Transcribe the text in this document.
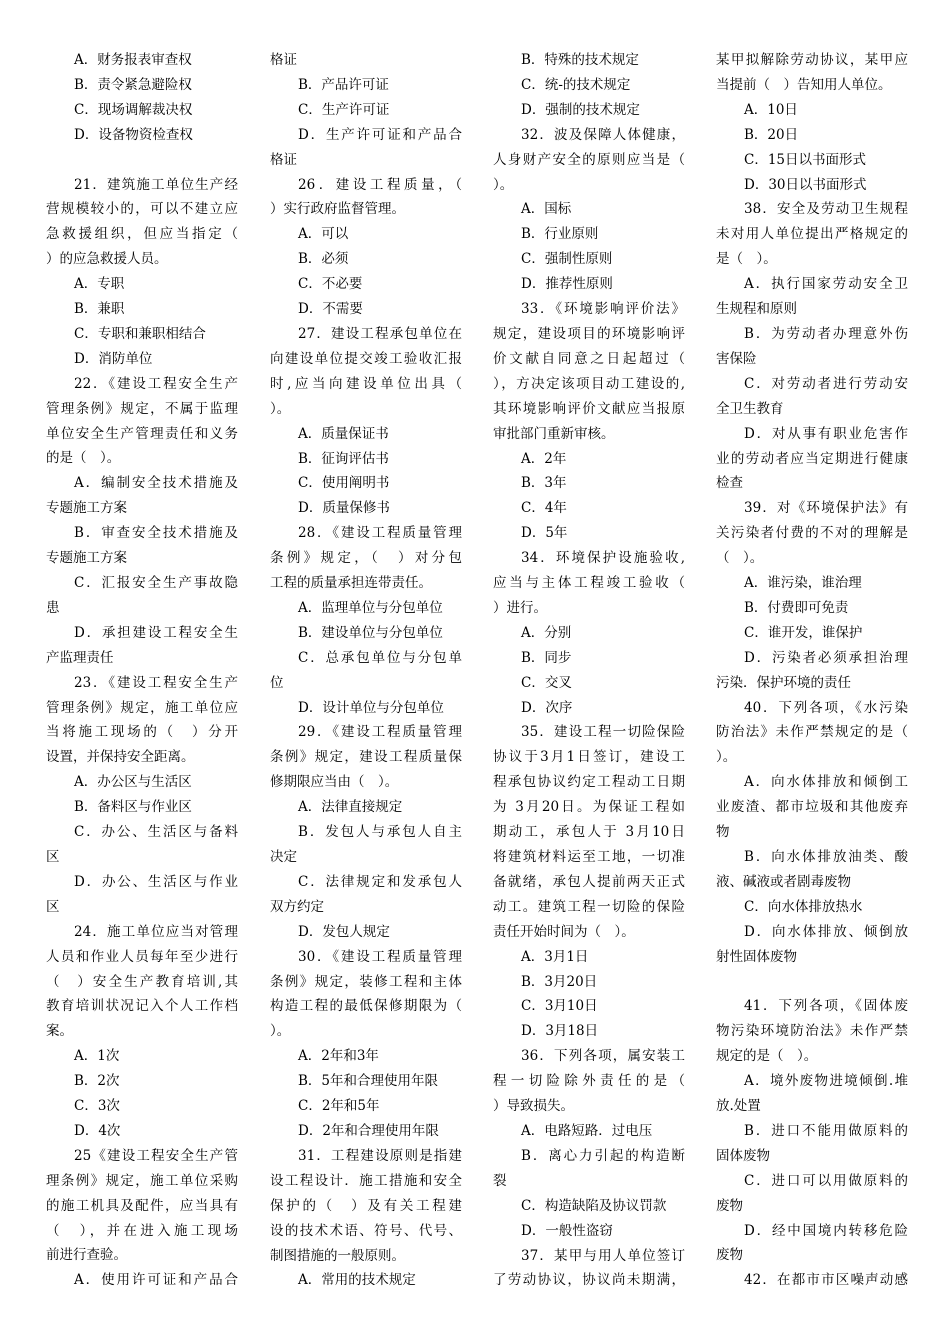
A．财务报表审查权
B．责令紧急避险权
C．现场调解裁决权
D．设备物资检查权
21．建筑施工单位生产经
营规模较小的，可以不建立应
急救援组织，但应当指定（
）的应急救援人员。
A．专职
B．兼职
C．专职和兼职相结合
D．消防单位
22．《建设工程安全生产
管理条例》规定，不属于监理
单位安全生产管理责任和义务
的是（　）。
A．编制安全技术措施及
专题施工方案
B．审查安全技术措施及
专题施工方案
C．汇报安全生产事故隐
患
D．承担建设工程安全生
产监理责任
23．《建设工程安全生产
管理条例》规定，施工单位应
当将施工现场的（　）分开
设置，并保持安全距离。
A．办公区与生活区
B．备料区与作业区
C．办公、生活区与备料
区
D．办公、生活区与作业
区
24．施工单位应当对管理
人员和作业人员每年至少进行
（　）安全生产教育培训,其
教育培训状况记入个人工作档
案。
A．1次
B．2次
C．3次
D．4次
25《建设工程安全生产管
理条例》规定，施工单位采购
的施工机具及配件，应当具有
（　），并在进入施工现场
前进行查验。
A．使用许可证和产品合
格证
B．产品许可证
C．生产许可证
D．生产许可证和产品合
格证
26．建设工程质量，（
）实行政府监督管理。
A．可以
B．必须
C．不必要
D．不需要
27．建设工程承包单位在
向建设单位提交竣工验收汇报
时,应当向建设单位出具（
）。
A．质量保证书
B．征询评估书
C．使用阐明书
D．质量保修书
28．《建设工程质量管理
条例》规定，（　）对分包
工程的质量承担连带责任。
A．监理单位与分包单位
B．建设单位与分包单位
C．总承包单位与分包单
位
D．设计单位与分包单位
29．《建设工程质量管理
条例》规定，建设工程质量保
修期限应当由（　）。
A．法律直接规定
B．发包人与承包人自主
决定
C．法律规定和发承包人
双方约定
D．发包人规定
30．《建设工程质量管理
条例》规定，装修工程和主体
构造工程的最低保修期限为（
）。
A．2年和3年
B．5年和合理使用年限
C．2年和5年
D．2年和合理使用年限
31．工程建设原则是指建
设工程设计．施工措施和安全
保护的（　）及有关工程建
设的技术术语、符号、代号、
制图措施的一般原则。
A．常用的技术规定
B．特殊的技术规定
C．统-的技术规定
D．强制的技术规定
32．波及保障人体健康，
人身财产安全的原则应当是（
）。
A．国标
B．行业原则
C．强制性原则
D．推荐性原则
33．《环境影响评价法》
规定，建设项目的环境影响评
价文献自同意之日起超过（
），方决定该项目动工建设的,
其环境影响评价文献应当报原
审批部门重新审核。
A．2年
B．3年
C．4年
D．5年
34．环境保护设施验收,
应当与主体工程竣工验收（
）进行。
A．分别
B．同步
C．交叉
D．次序
35．建设工程一切险保险
协议于3月1日签订，建设工
程承包协议约定工程动工日期
为 3月20日。为保证工程如
期动工，承包人于 3月10日
将建筑材料运至工地，一切准
备就绪，承包人提前两天正式
动工。建筑工程一切险的保险
责任开始时间为（　）。
A．3月1日
B．3月20日
C．3月10日
D．3月18日
36．下列各项，属安装工
程一切险除外责任的是（
）导致损失。
A．电路短路．过电压
B．离心力引起的构造断
裂
C．构造缺陷及协议罚款
D．一般性盗窃
37．某甲与用人单位签订
了劳动协议，协议尚未期满，
某甲拟解除劳动协议，某甲应
当提前（　）告知用人单位。
A．10日
B．20日
C．15日以书面形式
D．30日以书面形式
38．安全及劳动卫生规程
未对用人单位提出严格规定的
是（　）。
A．执行国家劳动安全卫
生规程和原则
B．为劳动者办理意外伤
害保险
C．对劳动者进行劳动安
全卫生教育
D．对从事有职业危害作
业的劳动者应当定期进行健康
检查
39．对《环境保护法》有
关污染者付费的不对的理解是
（　）。
A．谁污染，谁治理
B．付费即可免责
C．谁开发，谁保护
D．污染者必须承担治理
污染．保护环境的责任
40．下列各项，《水污染
防治法》未作严禁规定的是（
）。
A．向水体排放和倾倒工
业废渣、都市垃圾和其他废弃
物
B．向水体排放油类、酸
液、碱液或者剧毒废物
C．向水体排放热水
D．向水体排放、倾倒放
射性固体废物
41．下列各项，《固体废
物污染环境防治法》未作严禁
规定的是（　）。
A．境外废物进境倾倒.堆
放.处置
B．进口不能用做原料的
固体废物
C．进口可以用做原料的
废物
D．经中国境内转移危险
废物
42．在都市市区噪声动感
